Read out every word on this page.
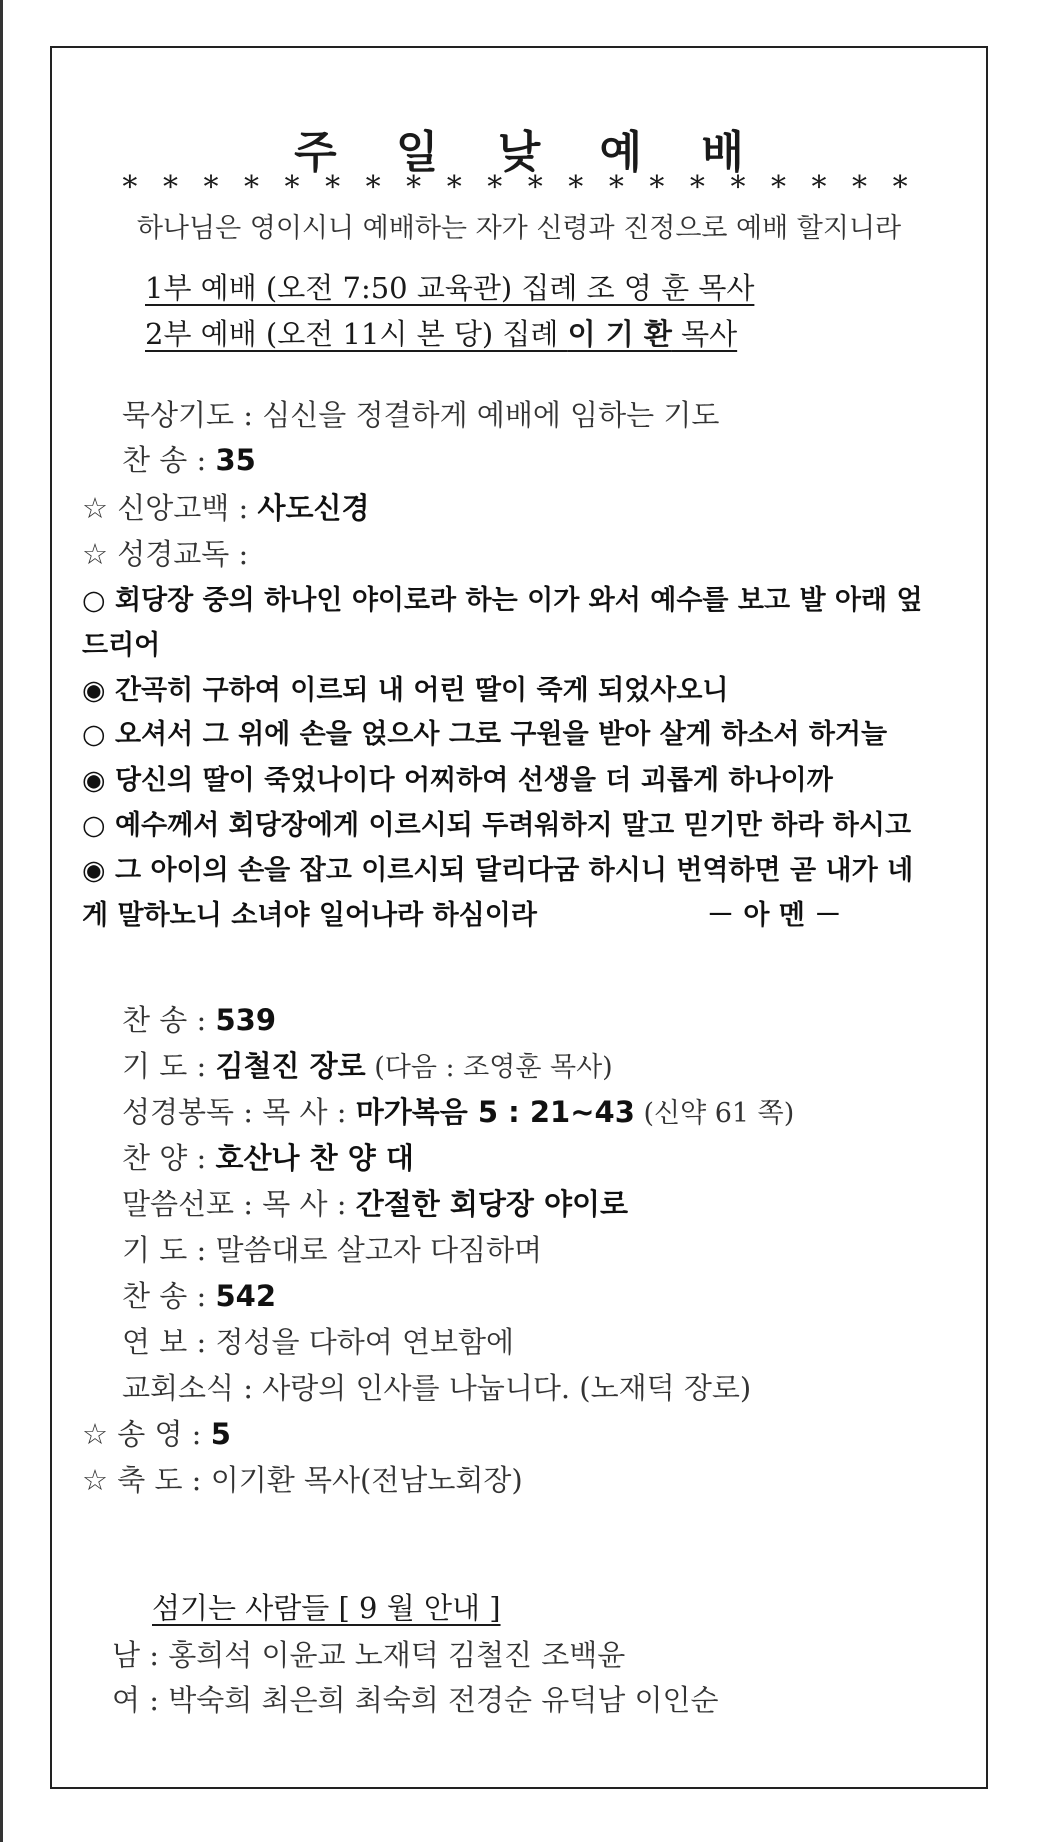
주 일 낮 예 배
* * * * * * * * * * * * * * * * * * * *
하나님은 영이시니 예배하는 자가 신령과 진정으로 예배 할지니라
1부 예배 (오전 7:50 교육관) 집례 조 영 훈 목사
2부 예배 (오전 11시 본 당) 집례 이 기 환 목사
묵상기도 : 심신을 정결하게 예배에 임하는 기도
찬 송 : 35
☆ 신앙고백 : 사도신경
☆ 성경교독 :
○ 회당장 중의 하나인 야이로라 하는 이가 와서 예수를 보고 발 아래 엎
드리어
◉ 간곡히 구하여 이르되 내 어린 딸이 죽게 되었사오니
○ 오셔서 그 위에 손을 얹으사 그로 구원을 받아 살게 하소서 하거늘
◉ 당신의 딸이 죽었나이다 어찌하여 선생을 더 괴롭게 하나이까
○ 예수께서 회당장에게 이르시되 두려워하지 말고 믿기만 하라 하시고
◉ 그 아이의 손을 잡고 이르시되 달리다굼 하시니 번역하면 곧 내가 네
게 말하노니 소녀야 일어나라 하심이라	－ 아 멘 －
찬 송 : 539
기 도 : 김철진 장로 (다음 : 조영훈 목사)
성경봉독 : 목 사 : 마가복음 5 : 21~43 (신약 61 쪽)
찬 양 : 호산나 찬 양 대
말씀선포 : 목 사 : 간절한 회당장 야이로
기 도 : 말씀대로 살고자 다짐하며
찬 송 : 542
연 보 : 정성을 다하여 연보함에
교회소식 : 사랑의 인사를 나눕니다. (노재덕 장로)
☆ 송 영 : 5
☆ 축 도 : 이기환 목사(전남노회장)
섬기는 사람들 [ 9 월 안내 ]
남 : 홍희석 이윤교 노재덕 김철진 조백윤
여 : 박숙희 최은희 최숙희 전경순 유덕남 이인순
